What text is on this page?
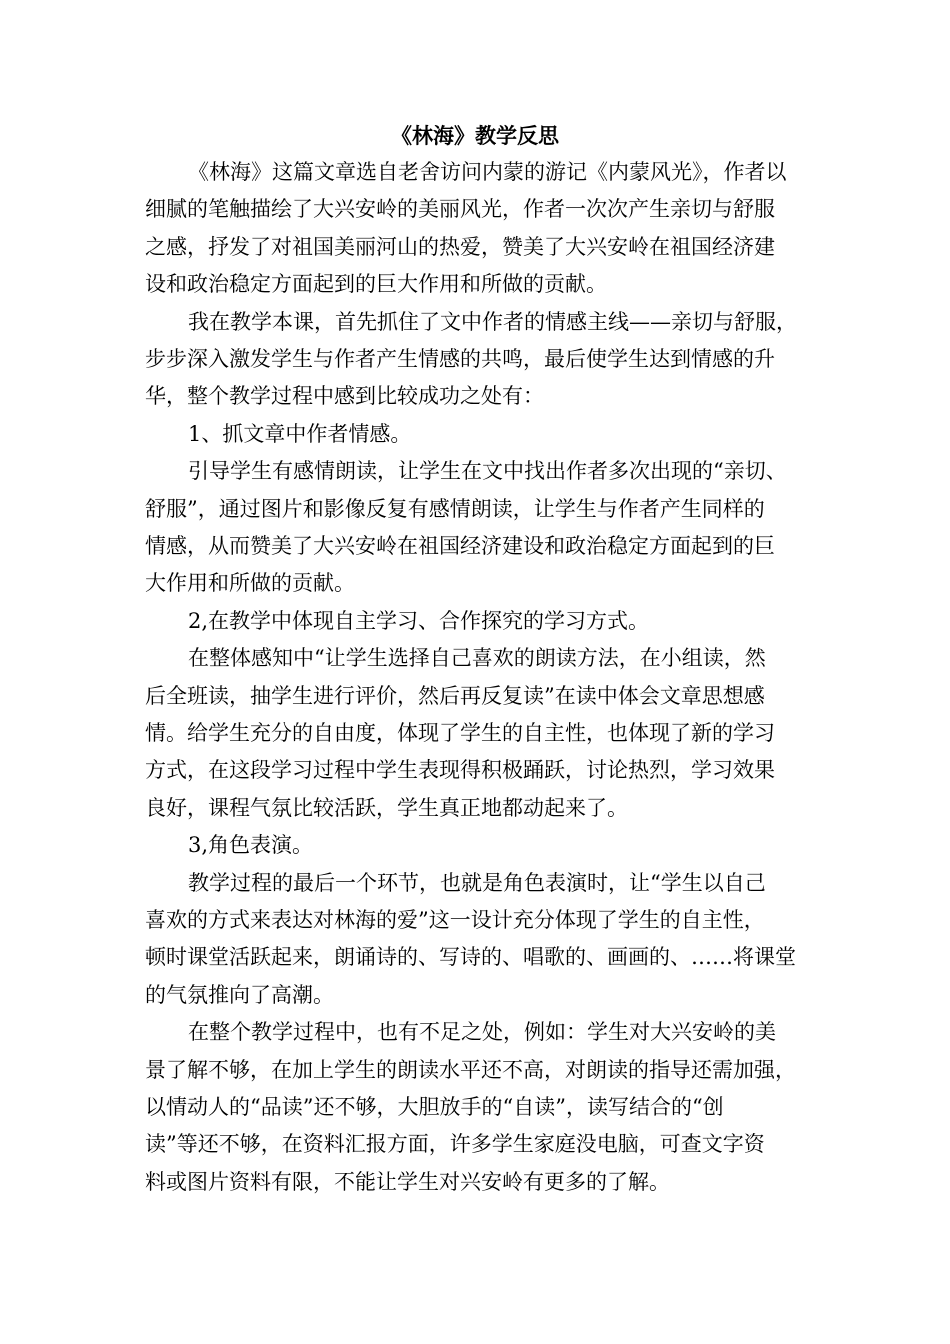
《林海》教学反思
《林海》这篇文章选自老舍访问内蒙的游记《内蒙风光》，作者以
细腻的笔触描绘了大兴安岭的美丽风光，作者一次次产生亲切与舒服
之感，抒发了对祖国美丽河山的热爱，赞美了大兴安岭在祖国经济建
设和政治稳定方面起到的巨大作用和所做的贡献。
我在教学本课，首先抓住了文中作者的情感主线——亲切与舒服，
步步深入激发学生与作者产生情感的共鸣，最后使学生达到情感的升
华，整个教学过程中感到比较成功之处有：
1、抓文章中作者情感。
引导学生有感情朗读，让学生在文中找出作者多次出现的“亲切、
舒服”，通过图片和影像反复有感情朗读，让学生与作者产生同样的
情感，从而赞美了大兴安岭在祖国经济建设和政治稳定方面起到的巨
大作用和所做的贡献。
2,在教学中体现自主学习、合作探究的学习方式。
在整体感知中“让学生选择自己喜欢的朗读方法，在小组读，然
后全班读，抽学生进行评价，然后再反复读”在读中体会文章思想感
情。给学生充分的自由度，体现了学生的自主性，也体现了新的学习
方式，在这段学习过程中学生表现得积极踊跃，讨论热烈，学习效果
良好，课程气氛比较活跃，学生真正地都动起来了。
3,角色表演。
教学过程的最后一个环节，也就是角色表演时，让“学生以自己
喜欢的方式来表达对林海的爱”这一设计充分体现了学生的自主性，
顿时课堂活跃起来，朗诵诗的、写诗的、唱歌的、画画的、……将课堂
的气氛推向了高潮。
在整个教学过程中，也有不足之处，例如：学生对大兴安岭的美
景了解不够，在加上学生的朗读水平还不高，对朗读的指导还需加强，
以情动人的“品读”还不够，大胆放手的“自读”，读写结合的“创
读”等还不够，在资料汇报方面，许多学生家庭没电脑，可查文字资
料或图片资料有限，不能让学生对兴安岭有更多的了解。
